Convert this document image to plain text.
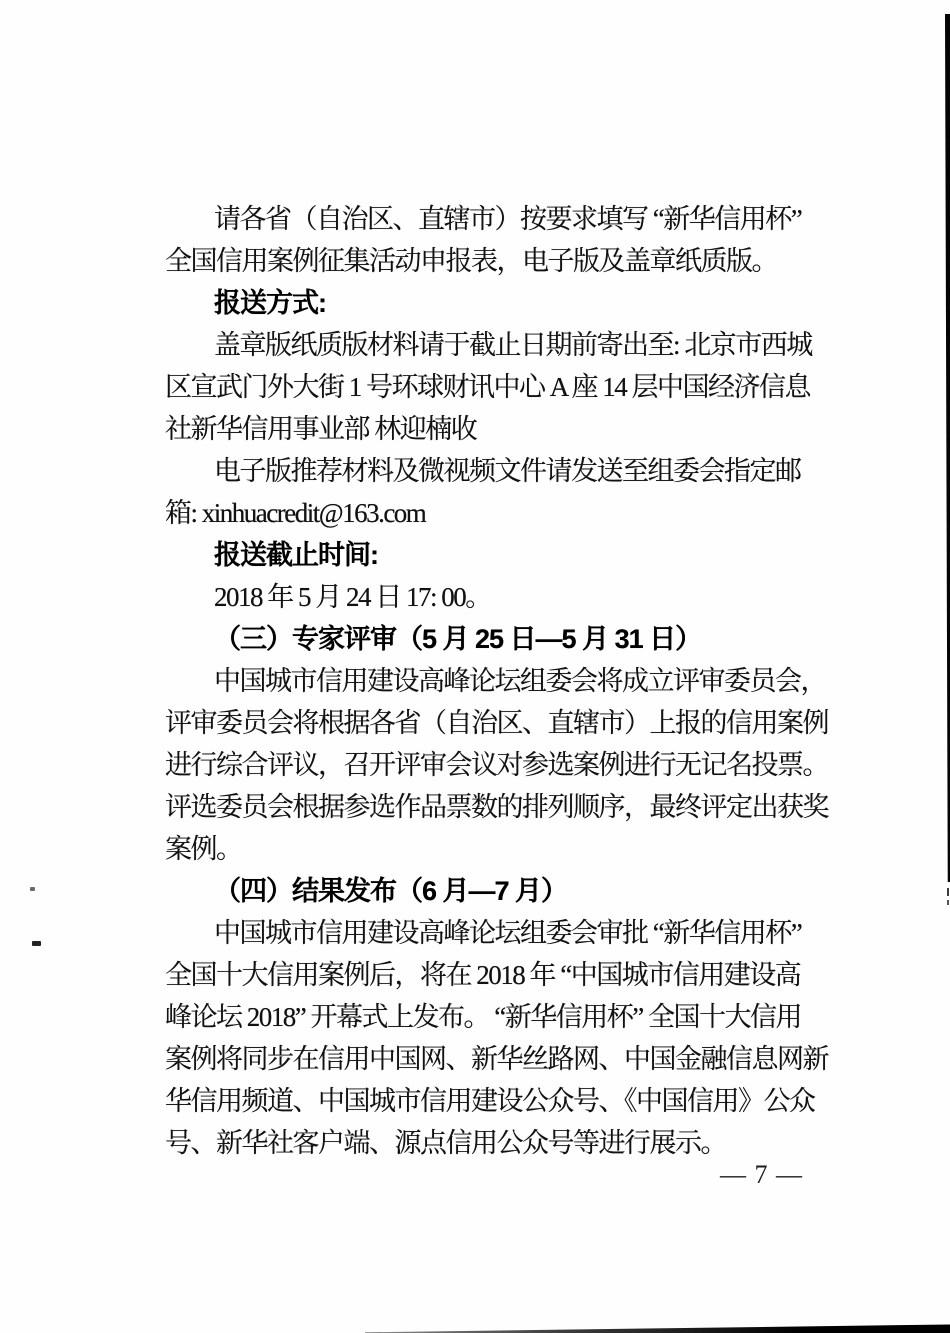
请各省（自治区、直辖市）按要求填写 “新华信用杯”
全国信用案例征集活动申报表，电子版及盖章纸质版。
报送方式:
盖章版纸质版材料请于截止日期前寄出至: 北京市西城
区宣武门外大街 1 号环球财讯中心 A 座 14 层中国经济信息
社新华信用事业部 林迎楠收
电子版推荐材料及微视频文件请发送至组委会指定邮
箱: xinhuacredit@163.com
报送截止时间:
2018 年 5 月 24 日 17: 00。
（三）专家评审（5 月 25 日—5 月 31 日）
中国城市信用建设高峰论坛组委会将成立评审委员会，
评审委员会将根据各省（自治区、直辖市）上报的信用案例
进行综合评议，召开评审会议对参选案例进行无记名投票。
评选委员会根据参选作品票数的排列顺序，最终评定出获奖
案例。
（四）结果发布（6 月—7 月）
中国城市信用建设高峰论坛组委会审批 “新华信用杯”
全国十大信用案例后，将在 2018 年 “中国城市信用建设高
峰论坛 2018” 开幕式上发布。 “新华信用杯” 全国十大信用
案例将同步在信用中国网、新华丝路网、中国金融信息网新
华信用频道、中国城市信用建设公众号、《中国信用》公众
号、新华社客户端、源点信用公众号等进行展示。
— 7 —
